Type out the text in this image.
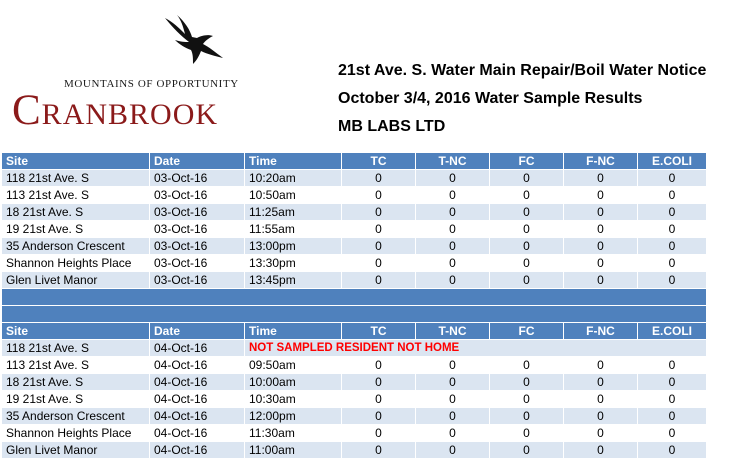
MOUNTAINS OF OPPORTUNITY
Cranbrook
21st Ave. S. Water Main Repair/Boil Water Notice
October 3/4, 2016 Water Sample Results
MB LABS LTD
Site	Date	Time	TC	T-NC	FC	F-NC	E.COLI
118 21st Ave. S	03-Oct-16	10:20am	0	0	0	0	0
113 21st Ave. S	03-Oct-16	10:50am	0	0	0	0	0
18 21st Ave. S	03-Oct-16	11:25am	0	0	0	0	0
19 21st Ave. S	03-Oct-16	11:55am	0	0	0	0	0
35 Anderson Crescent	03-Oct-16	13:00pm	0	0	0	0	0
Shannon Heights Place	03-Oct-16	13:30pm	0	0	0	0	0
Glen Livet Manor	03-Oct-16	13:45pm	0	0	0	0	0

Site	Date	Time	TC	T-NC	FC	F-NC	E.COLI
118 21st Ave. S	04-Oct-16	NOT SAMPLED RESIDENT NOT HOME					
113 21st Ave. S	04-Oct-16	09:50am	0	0	0	0	0
18 21st Ave. S	04-Oct-16	10:00am	0	0	0	0	0
19 21st Ave. S	04-Oct-16	10:30am	0	0	0	0	0
35 Anderson Crescent	04-Oct-16	12:00pm	0	0	0	0	0
Shannon Heights Place	04-Oct-16	11:30am	0	0	0	0	0
Glen Livet Manor	04-Oct-16	11:00am	0	0	0	0	0
